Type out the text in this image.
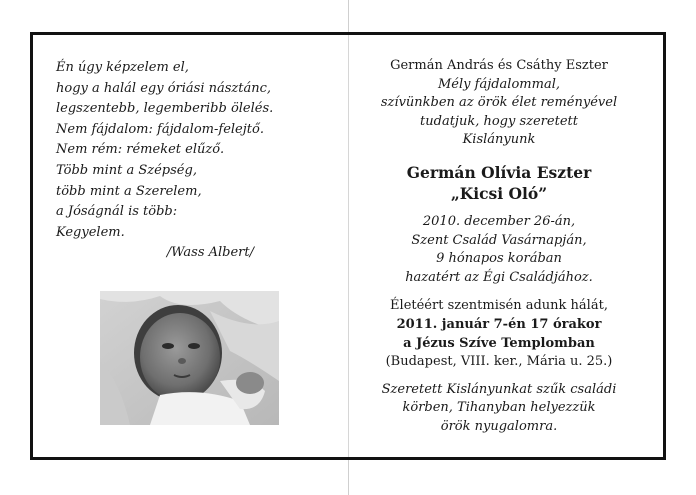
Én úgy képzelem el,
hogy a halál egy óriási násztánc,
legszentebb, legemberibb ölelés.
Nem fájdalom: fájdalom-felejtő.
Nem rém: rémeket elűző.
Több mint a Szépség,
több mint a Szerelem,
a Jóságnál is több:
Kegyelem.
/Wass Albert/
Germán András és Csáthy Eszter
Mély fájdalommal,
szívünkben az örök élet reményével
tudatjuk, hogy szeretett
Kislányunk
Germán Olívia Eszter
„Kicsi Oló”
2010. december 26-án,
Szent Család Vasárnapján,
9 hónapos korában
hazatért az Égi Családjához.
Életéért szentmisén adunk hálát,
2011. január 7-én 17 órakor
a Jézus Szíve Templomban
(Budapest, VIII. ker., Mária u. 25.)
Szeretett Kislányunkat szűk családi
körben, Tihanyban helyezzük
örök nyugalomra.
